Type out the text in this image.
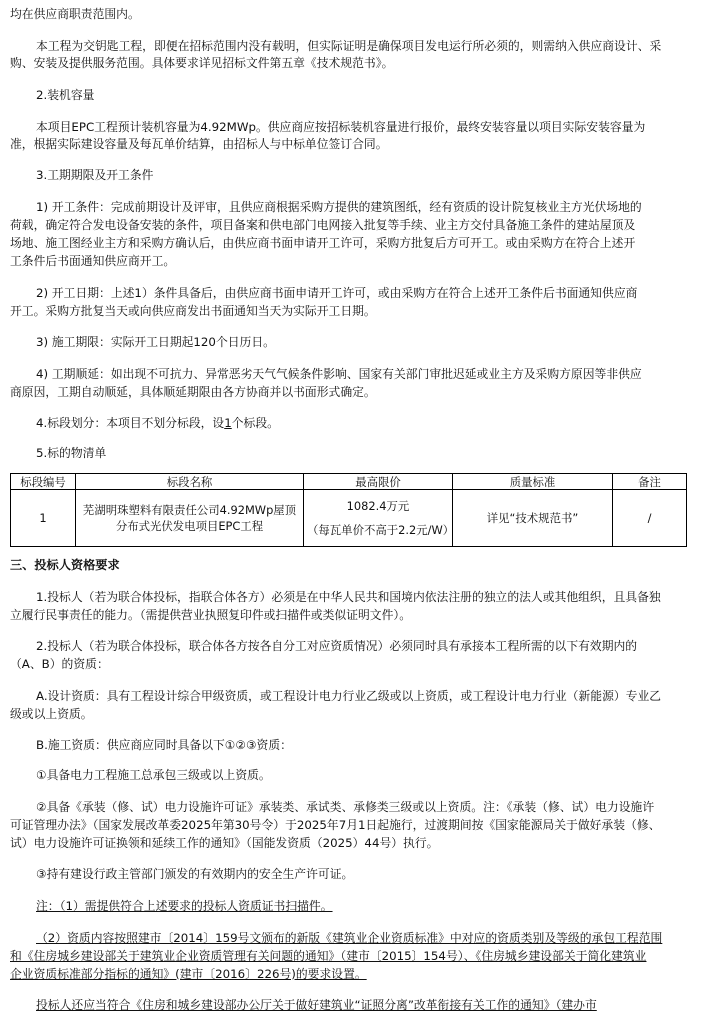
均在供应商职责范围内。
本工程为交钥匙工程，即便在招标范围内没有载明，但实际证明是确保项目发电运行所必须的，则需纳入供应商设计、采
购、安装及提供服务范围。具体要求详见招标文件第五章《技术规范书》。
2.装机容量
本项目EPC工程预计装机容量为4.92MWp。供应商应按招标装机容量进行报价，最终安装容量以项目实际安装容量为
准，根据实际建设容量及每瓦单价结算，由招标人与中标单位签订合同。
3.工期期限及开工条件
1) 开工条件：完成前期设计及评审，且供应商根据采购方提供的建筑图纸，经有资质的设计院复核业主方光伏场地的
荷载，确定符合发电设备安装的条件，项目备案和供电部门电网接入批复等手续、业主方交付具备施工条件的建站屋顶及
场地、施工图经业主方和采购方确认后，由供应商书面申请开工许可，采购方批复后方可开工。或由采购方在符合上述开
工条件后书面通知供应商开工。
2) 开工日期：上述1）条件具备后，由供应商书面申请开工许可，或由采购方在符合上述开工条件后书面通知供应商
开工。采购方批复当天或向供应商发出书面通知当天为实际开工日期。
3) 施工期限：实际开工日期起120个日历日。
4) 工期顺延：如出现不可抗力、异常恶劣天气气候条件影响、国家有关部门审批迟延或业主方及采购方原因等非供应
商原因，工期自动顺延，具体顺延期限由各方协商并以书面形式确定。
4.标段划分：本项目不划分标段，设1个标段。
5.标的物清单
标段编号	标段名称	最高限价	质量标准	备注
1	芜湖明珠塑料有限责任公司4.92MWp屋顶分布式光伏发电项目EPC工程	1082.4万元
（每瓦单价不高于2.2元/W）	详见“技术规范书”	/
三、投标人资格要求
1.投标人（若为联合体投标，指联合体各方）必须是在中华人民共和国境内依法注册的独立的法人或其他组织，且具备独
立履行民事责任的能力。（需提供营业执照复印件或扫描件或类似证明文件）。
2.投标人（若为联合体投标，联合体各方按各自分工对应资质情况）必须同时具有承接本工程所需的以下有效期内的
（A、B）的资质：
A.设计资质：具有工程设计综合甲级资质，或工程设计电力行业乙级或以上资质，或工程设计电力行业（新能源）专业乙
级或以上资质。
B.施工资质：供应商应同时具备以下①②③资质：
①具备电力工程施工总承包三级或以上资质。
②具备《承装（修、试）电力设施许可证》承装类、承试类、承修类三级或以上资质。注：《承装（修、试）电力设施许
可证管理办法》（国家发展改革委2025年第30号令）于2025年7月1日起施行，过渡期间按《国家能源局关于做好承装（修、
试）电力设施许可证换领和延续工作的通知》（国能发资质（2025）44号）执行。
③持有建设行政主管部门颁发的有效期内的安全生产许可证。
注：（1）需提供符合上述要求的投标人资质证书扫描件。
（2）资质内容按照建市〔2014〕159号文颁布的新版《建筑业企业资质标准》中对应的资质类别及等级的承包工程范围
和《住房城乡建设部关于建筑业企业资质管理有关问题的通知》（建市〔2015〕154号）、《住房城乡建设部关于简化建筑业
企业资质标准部分指标的通知》(建市〔2016〕226号)的要求设置。
投标人还应当符合《住房和城乡建设部办公厅关于做好建筑业“证照分离”改革衔接有关工作的通知》（建办市
